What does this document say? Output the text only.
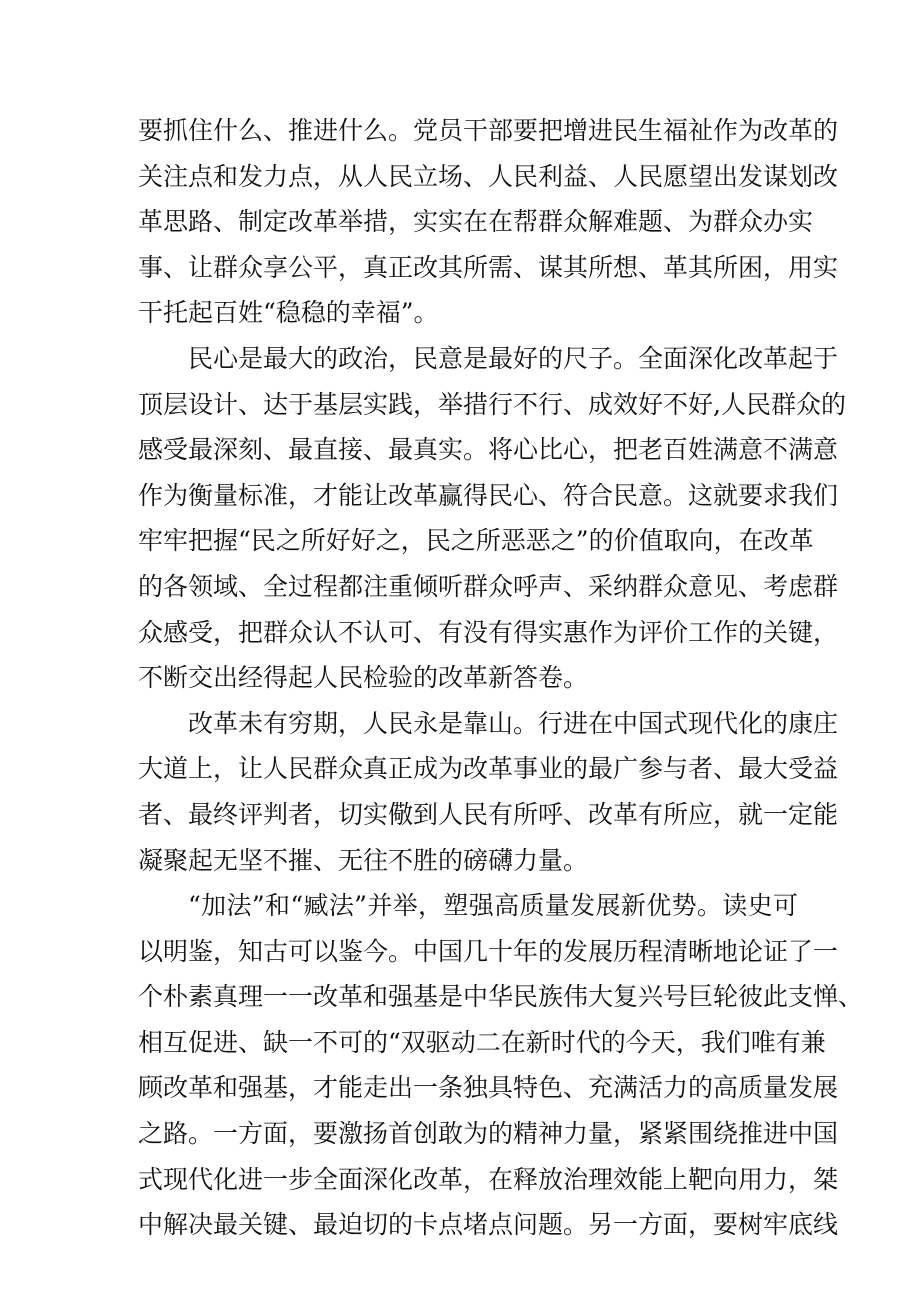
要抓住什么、推进什么。党员干部要把增进民生福祉作为改革的
关注点和发力点，从人民立场、人民利益、人民愿望出发谋划改
革思路、制定改革举措，实实在在帮群众解难题、为群众办实
事、让群众享公平，真正改其所需、谋其所想、革其所困，用实
干托起百姓“稳稳的幸福”。
民心是最大的政治，民意是最好的尺子。全面深化改革起于
顶层设计、达于基层实践，举措行不行、成效好不好,人民群众的
感受最深刻、最直接、最真实。将心比心，把老百姓满意不满意
作为衡量标准，才能让改革赢得民心、符合民意。这就要求我们
牢牢把握“民之所好好之，民之所恶恶之”的价值取向，在改革
的各领域、全过程都注重倾听群众呼声、采纳群众意见、考虑群
众感受，把群众认不认可、有没有得实惠作为评价工作的关键，
不断交出经得起人民检验的改革新答卷。
改革未有穷期，人民永是靠山。行进在中国式现代化的康庄
大道上，让人民群众真正成为改革事业的最广参与者、最大受益
者、最终评判者，切实儆到人民有所呼、改革有所应，就一定能
凝聚起无坚不摧、无往不胜的磅礴力量。
“加法”和“臧法”并举，塑强高质量发展新优势。读史可
以明鉴，知古可以鉴今。中国几十年的发展历程清晰地论证了一
个朴素真理一一改革和强基是中华民族伟大复兴号巨轮彼此支惮、
相互促进、缺一不可的“双驱动二在新时代的今天，我们唯有兼
顾改革和强基，才能走出一条独具特色、充满活力的高质量发展
之路。一方面，要激扬首创敢为的精神力量，紧紧围绕推进中国
式现代化进一步全面深化改革，在释放治理效能上靶向用力，桀
中解决最关键、最迫切的卡点堵点问题。另一方面，要树牢底线
